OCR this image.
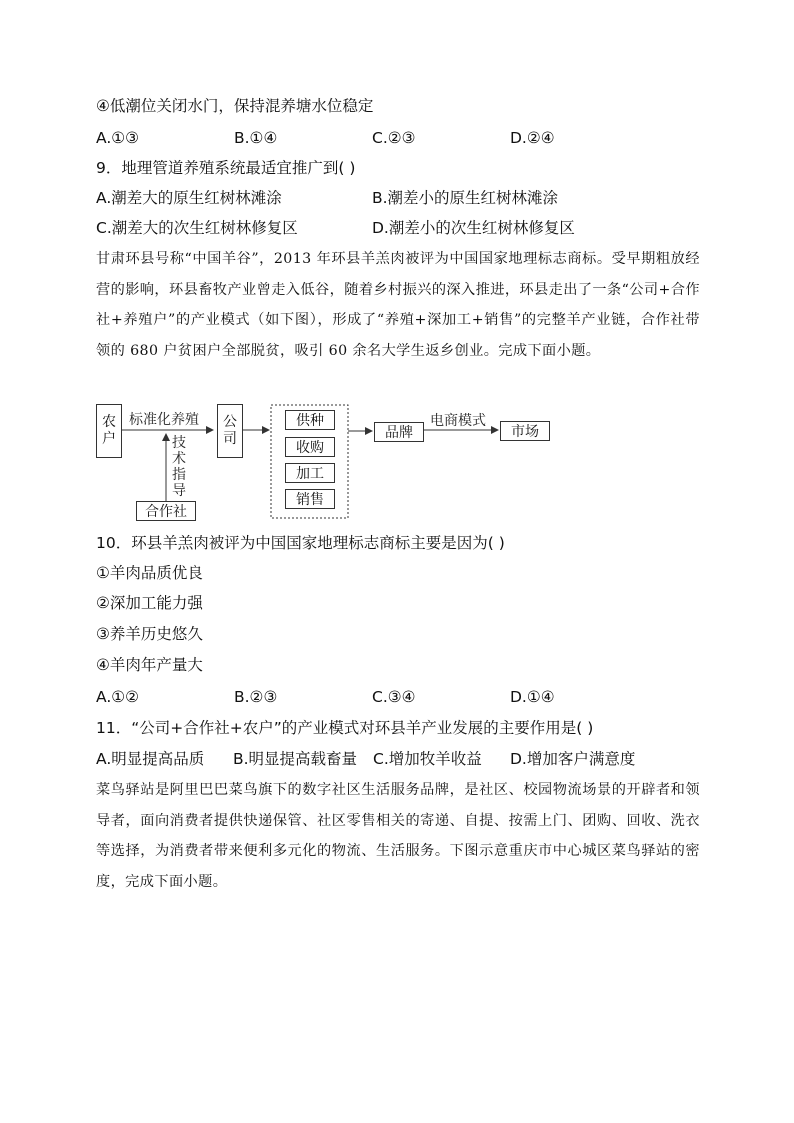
④低潮位关闭水门，保持混养塘水位稳定
A.①③	B.①④	C.②③	D.②④
9．地理管道养殖系统最适宜推广到( )
A.潮差大的原生红树林滩涂	B.潮差小的原生红树林滩涂
C.潮差大的次生红树林修复区	D.潮差小的次生红树林修复区
甘肃环县号称“中国羊谷”，2013 年环县羊羔肉被评为中国国家地理标志商标。受早期粗放经营的影响，环县畜牧产业曾走入低谷，随着乡村振兴的深入推进，环县走出了一条“公司+合作社+养殖户”的产业模式（如下图），形成了“养殖+深加工+销售”的完整羊产业链，合作社带领的 680 户贫困户全部脱贫，吸引 60 余名大学生返乡创业。完成下面小题。
农户
标准化养殖	公司
技术指导
合作社
供种
收购
加工
销售
品牌
电商模式
市场
10．环县羊羔肉被评为中国国家地理标志商标主要是因为( )
①羊肉品质优良
②深加工能力强
③养羊历史悠久
④羊肉年产量大
A.①②	B.②③	C.③④	D.①④
11．“公司+合作社+农户”的产业模式对环县羊产业发展的主要作用是( )
A.明显提高品质 B.明显提高载畜量 C.增加牧羊收益 D.增加客户满意度
菜鸟驿站是阿里巴巴菜鸟旗下的数字社区生活服务品牌，是社区、校园物流场景的开辟者和领导者，面向消费者提供快递保管、社区零售相关的寄递、自提、按需上门、团购、回收、洗衣等选择，为消费者带来便利多元化的物流、生活服务。下图示意重庆市中心城区菜鸟驿站的密度，完成下面小题。
